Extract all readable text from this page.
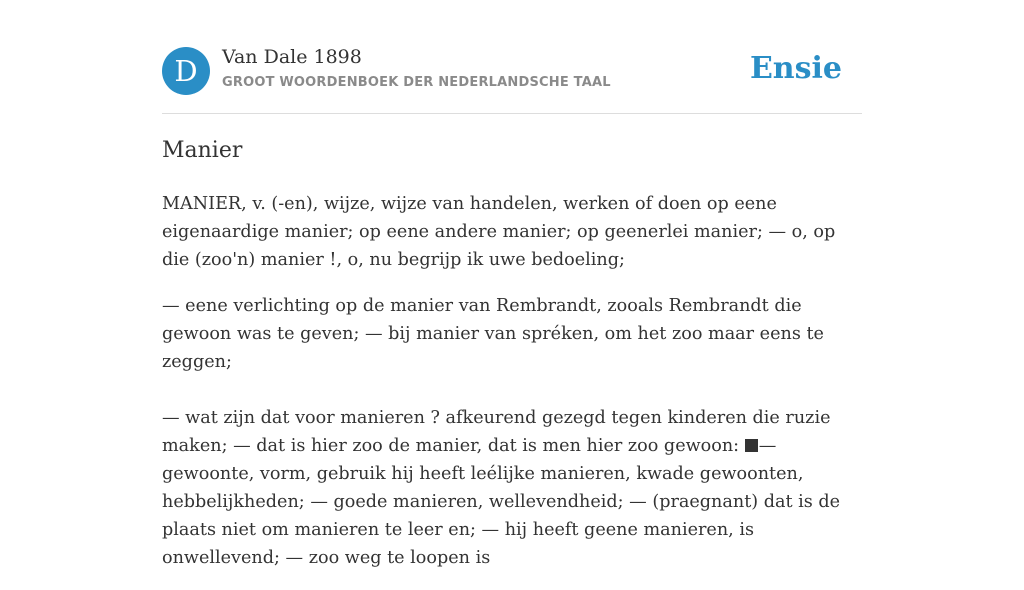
D	Van Dale 1898
GROOT WOORDENBOEK DER NEDERLANDSCHE TAAL	Ensie
Manier

MANIER, v. (-en), wijze, wijze van handelen, werken of doen op eene eigenaardige manier; op eene andere manier; op geenerlei manier; — o, op die (zoo'n) manier !, o, nu begrijp ik uwe bedoeling;

— eene verlichting op de manier van Rembrandt, zooals Rembrandt die gewoon was te geven; — bij manier van spréken, om het zoo maar eens te zeggen;

— wat zijn dat voor manieren ? afkeurend gezegd tegen kinderen die ruzie maken; — dat is hier zoo de manier, dat is men hier zoo gewoon: — gewoonte, vorm, gebruik hij heeft leélijke manieren, kwade gewoonten, hebbelijkheden; — goede manieren, wellevendheid; — (praegnant) dat is de plaats niet om manieren te leer en; — hij heeft geene manieren, is onwellevend; — zoo weg te loopen is
